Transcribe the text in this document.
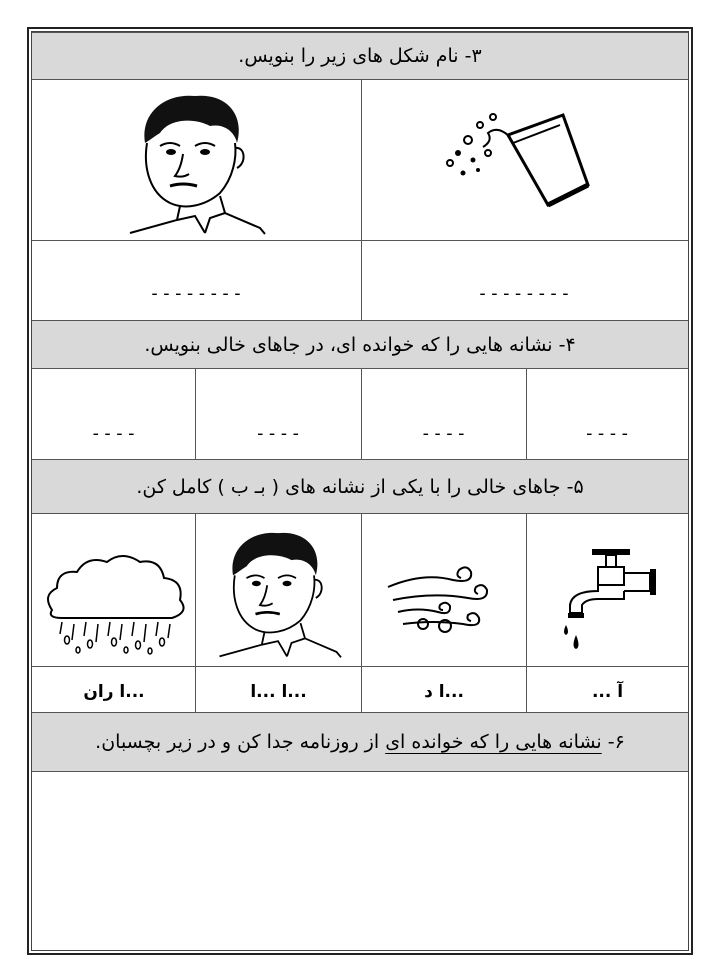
۳- نام شکل های زیر را بنویس.
--------	--------
۴- نشانه هایی را که خوانده ای، در جاهای خالی بنویس.
----	----	----	----
۵- جاهای خالی را با یکی از نشانه های ( بـ ب ) کامل کن.
...ا ران	...ا ...ا	...ا د	آ ...
۶-

نشانه هایی را که خوانده ای

از روزنامه جدا کن و در زیر بچسبان.
